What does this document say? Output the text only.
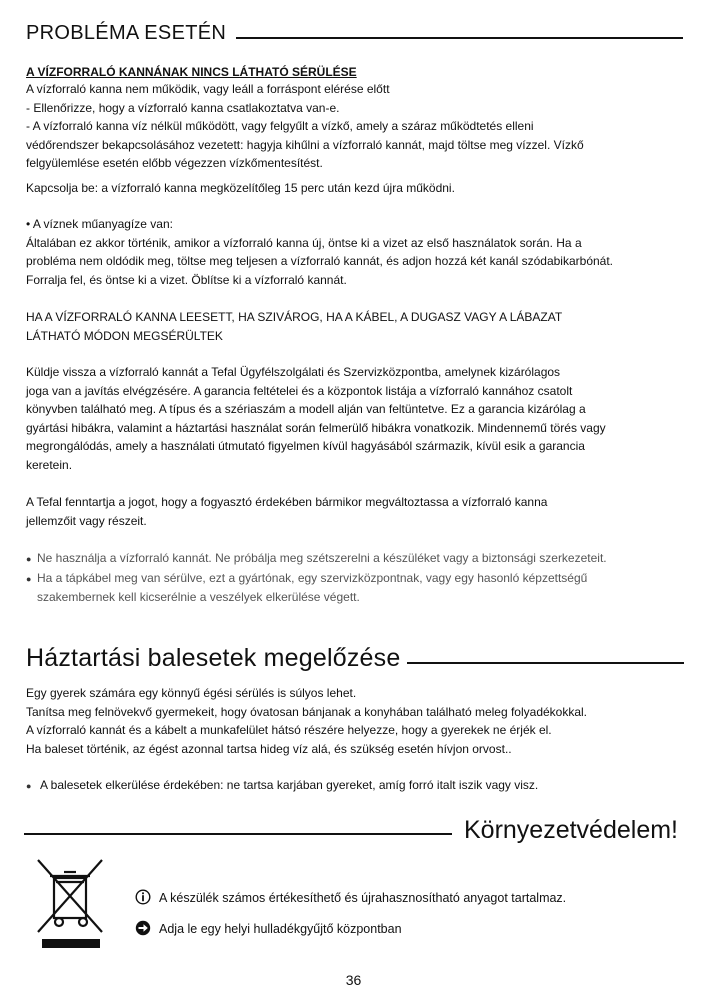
PROBLÉMA ESETÉN
A VÍZFORRALÓ KANNÁNAK NINCS LÁTHATÓ SÉRÜLÉSE

A vízforraló kanna nem működik, vagy leáll a forráspont elérése előtt

- Ellenőrizze, hogy a vízforraló kanna csatlakoztatva van-e.

- A vízforraló kanna víz nélkül működött, vagy felgyűlt a vízkő, amely a száraz működtetés elleni

védőrendszer bekapcsolásához vezetett: hagyja kihűlni a vízforraló kannát, majd töltse meg vízzel. Vízkő

felgyülemlése esetén előbb végezzen vízkőmentesítést.

Kapcsolja be: a vízforraló kanna megközelítőleg 15 perc után kezd újra működni.

• A víznek műanyagíze van:

Általában ez akkor történik, amikor a vízforraló kanna új, öntse ki a vizet az első használatok során. Ha a

probléma nem oldódik meg, töltse meg teljesen a vízforraló kannát, és adjon hozzá két kanál szódabikarbónát.

Forralja fel, és öntse ki a vizet. Öblítse ki a vízforraló kannát.

HA A VÍZFORRALÓ KANNA LEESETT, HA SZIVÁROG, HA A KÁBEL, A DUGASZ VAGY A LÁBAZAT

LÁTHATÓ MÓDON MEGSÉRÜLTEK

Küldje vissza a vízforraló kannát a Tefal Ügyfélszolgálati és Szervizközpontba, amelynek kizárólagos

joga van a javítás elvégzésére. A garancia feltételei és a központok listája a vízforraló kannához csatolt

könyvben található meg. A típus és a szériaszám a modell alján van feltüntetve. Ez a garancia kizárólag a

gyártási hibákra, valamint a háztartási használat során felmerülő hibákra vonatkozik. Mindennemű törés vagy

megrongálódás, amely a használati útmutató figyelmen kívül hagyásából származik, kívül esik a garancia

keretein.

A Tefal fenntartja a jogot, hogy a fogyasztó érdekében bármikor megváltoztassa a vízforraló kanna

jellemzőit vagy részeit.

● Ne használja a vízforraló kannát. Ne próbálja meg szétszerelni a készüléket vagy a biztonsági szerkezeteit.
● Ha a tápkábel meg van sérülve, ezt a gyártónak, egy szervizközpontnak, vagy egy hasonló képzettségű
szakembernek kell kicserélnie a veszélyek elkerülése végett.
Háztartási balesetek megelőzése

Egy gyerek számára egy könnyű égési sérülés is súlyos lehet.

Tanítsa meg felnövekvő gyermekeit, hogy óvatosan bánjanak a konyhában található meleg folyadékokkal.

A vízforraló kannát és a kábelt a munkafelület hátsó részére helyezze, hogy a gyerekek ne érjék el.

Ha baleset történik, az égést azonnal tartsa hideg víz alá, és szükség esetén hívjon orvost..

● A balesetek elkerülése érdekében: ne tartsa karjában gyereket, amíg forró italt iszik vagy visz.
Környezetvédelem!
A készülék számos értékesíthető és újrahasznosítható anyagot tartalmaz.
Adja le egy helyi hulladékgyűjtő központban
36
